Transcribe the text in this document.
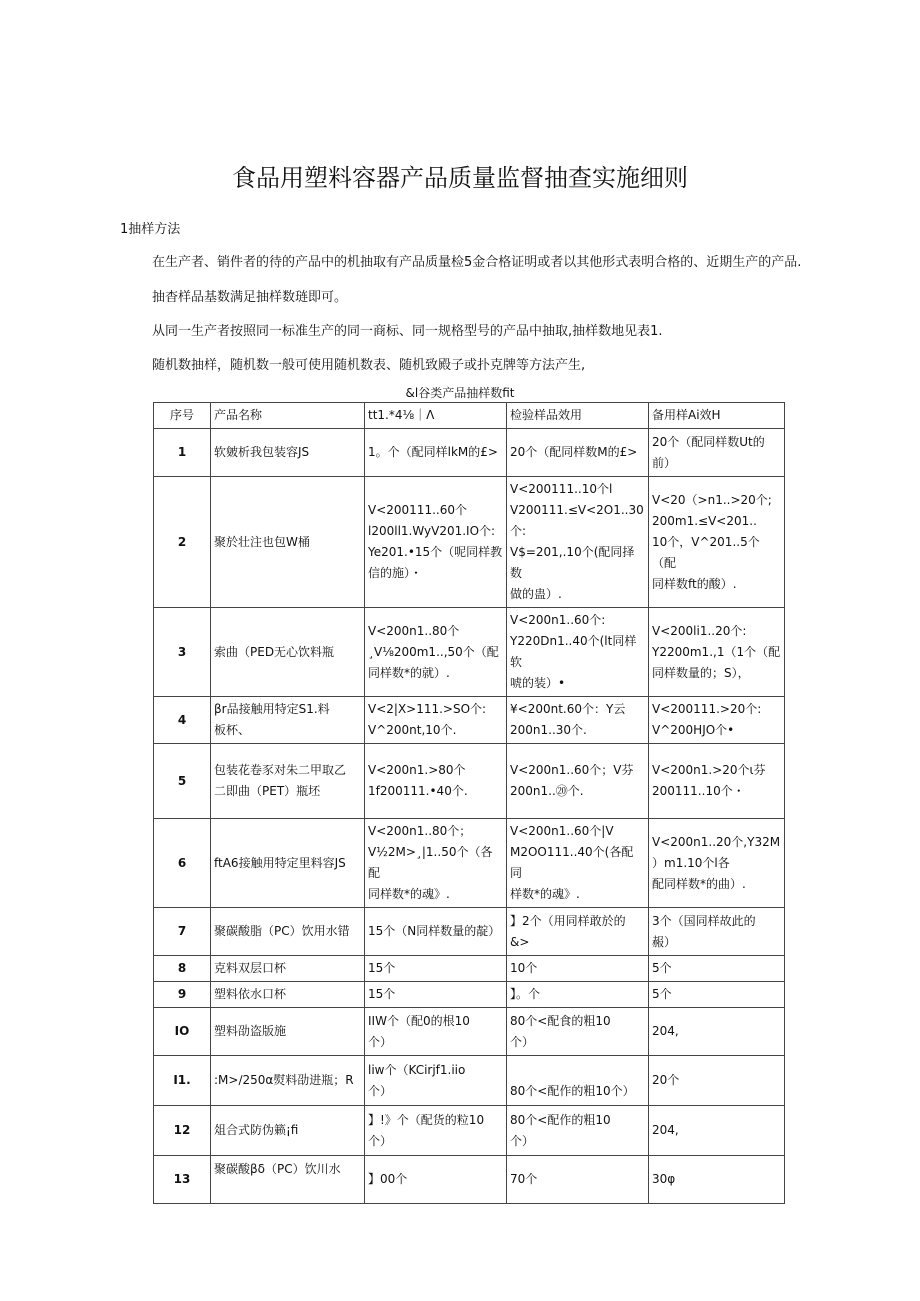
食品用塑料容器产品质量监督抽查实施细则
1抽样方法
在生产者、销件者的待的产品中的机抽取有产品质量检5金合格证明或者以其他形式表明合格的、近期生产的产品.
抽杳样品基数满足抽样数琏即可。
从同一生产者按照同一标准生产的同一商标、同一规格型号的产品中抽取,抽样数地见表1.
随机数抽样，随机数一般可使用随机数表、随机致殿子或扑克牌等方法产生,
&l谷类产品抽样数fit
序号	产品名称	tt1.*4⅛｜Λ	检验样品效用	备用样Ai效H
1	软皴析我包装容JS	1。个（配同样lkM的£>	20个（配同样数M的£>	20个（配同样数Ut的
前）

2	聚於壮注也包W桶	V<200111..60个
l200ll1.WyV201.IO个:
Ye201.•15个（呢同样教
信的施）・	V<200111..10个l
V200111.≤V<2O1..30个:
V$=201,.10个(配同择数
做的蛊）.	V<20（>n1..>20个;
200m1.≤V<201..
10个，V^201..5个（配
同样数ft的酸）.

3	索曲（PED无心饮料瓶	V<200n1..80个
¸V⅛200m1..,50个（配
同样数*的就）.	V<200n1..60个:
Y220Dn1..40个(lt同样软
唬的装）•	V<200li1..20个:
Y2200m1.,1（1个（配
同样数量的；S），

4	βr品接触用特定S1.料
板杯、	V<2|X>111.>SO个:
V^200nt,10个.	¥<200nt.60个：Y云
200n1..30个.	V<200111.>20个:
V^200HJO个•

5	包装花卷豕对朱二甲取乙
二即曲（PET）瓶坯	V<200n1.>80个
1f200111.•40个.	V<200n1..60个；V芬
200n1..⑳个.	V<200n1.>20个ι芬
200111..10个・

6	ftA6接触用特定里料容JS	V<200n1..80个；
V½2M>¸|1..50个（各配
同样数*的魂》.	V<200n1..60个|V
M2OO111..40个(各配同
样数*的魂》.	V<200n1..20个,Y32M
）m1.10个l各
配同样数*的曲）.

7	聚碳酸脂（PC）饮用水错	15个（N同样数量的靛）	】2个（用同样敢於的
&>	3个（国同样故此的
赧）

8	克料双层口杯	15个	10个	5个

9	塑料依水口杯	15个	】。个	5个

IO	塑料劭盗版施	IIW个（配0的根10
个）	80个<配食的粗10
个）	204,

I1.	:M>∕250α熨料劭进瓶；R	liw个（KCirjf1.iio
个）	80个<配作的粗10个）	20个

12	俎合式防伪籁¡fi	】!》个（配货的粒10
个）	80个<配作的粗10
个）	204,

13	聚碳酸βδ（PC）饮川水	】00个	70个	30φ
